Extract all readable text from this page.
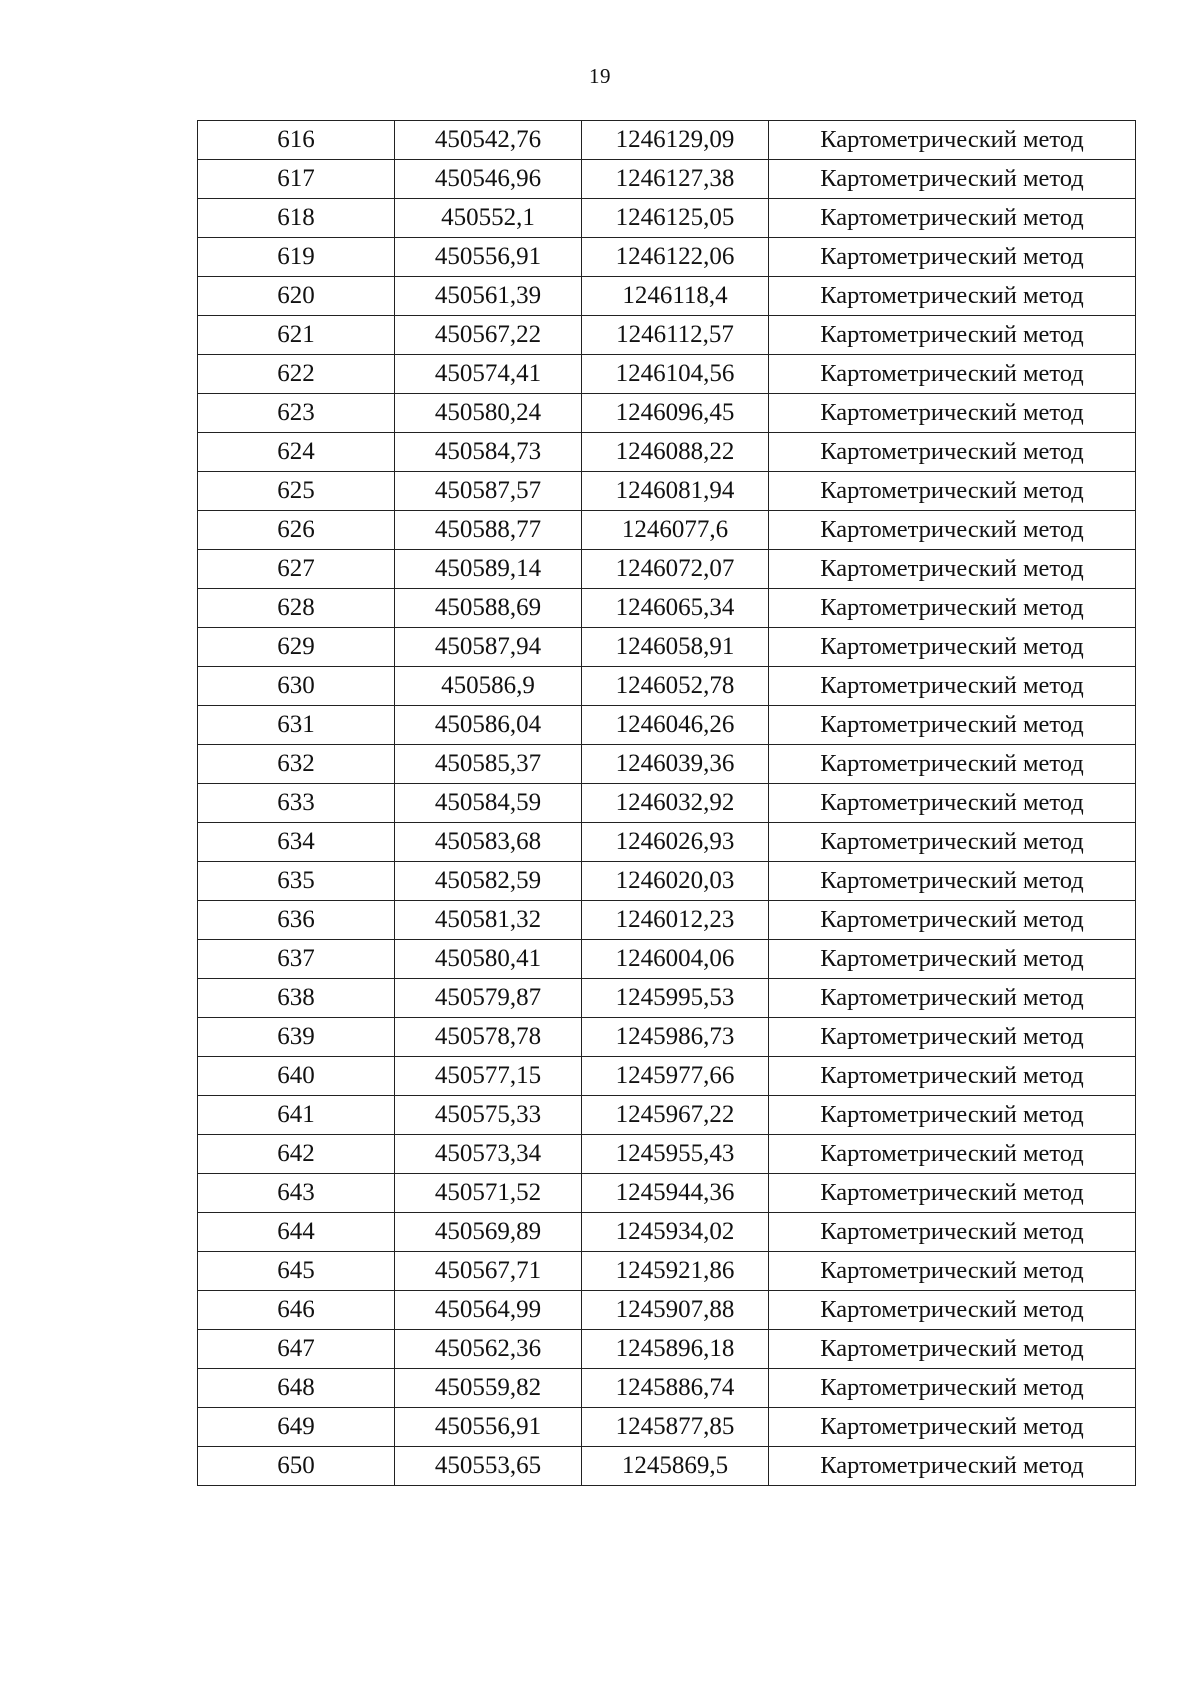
19
616	450542,76	1246129,09	Картометрический метод
617	450546,96	1246127,38	Картометрический метод
618	450552,1	1246125,05	Картометрический метод
619	450556,91	1246122,06	Картометрический метод
620	450561,39	1246118,4	Картометрический метод
621	450567,22	1246112,57	Картометрический метод
622	450574,41	1246104,56	Картометрический метод
623	450580,24	1246096,45	Картометрический метод
624	450584,73	1246088,22	Картометрический метод
625	450587,57	1246081,94	Картометрический метод
626	450588,77	1246077,6	Картометрический метод
627	450589,14	1246072,07	Картометрический метод
628	450588,69	1246065,34	Картометрический метод
629	450587,94	1246058,91	Картометрический метод
630	450586,9	1246052,78	Картометрический метод
631	450586,04	1246046,26	Картометрический метод
632	450585,37	1246039,36	Картометрический метод
633	450584,59	1246032,92	Картометрический метод
634	450583,68	1246026,93	Картометрический метод
635	450582,59	1246020,03	Картометрический метод
636	450581,32	1246012,23	Картометрический метод
637	450580,41	1246004,06	Картометрический метод
638	450579,87	1245995,53	Картометрический метод
639	450578,78	1245986,73	Картометрический метод
640	450577,15	1245977,66	Картометрический метод
641	450575,33	1245967,22	Картометрический метод
642	450573,34	1245955,43	Картометрический метод
643	450571,52	1245944,36	Картометрический метод
644	450569,89	1245934,02	Картометрический метод
645	450567,71	1245921,86	Картометрический метод
646	450564,99	1245907,88	Картометрический метод
647	450562,36	1245896,18	Картометрический метод
648	450559,82	1245886,74	Картометрический метод
649	450556,91	1245877,85	Картометрический метод
650	450553,65	1245869,5	Картометрический метод
